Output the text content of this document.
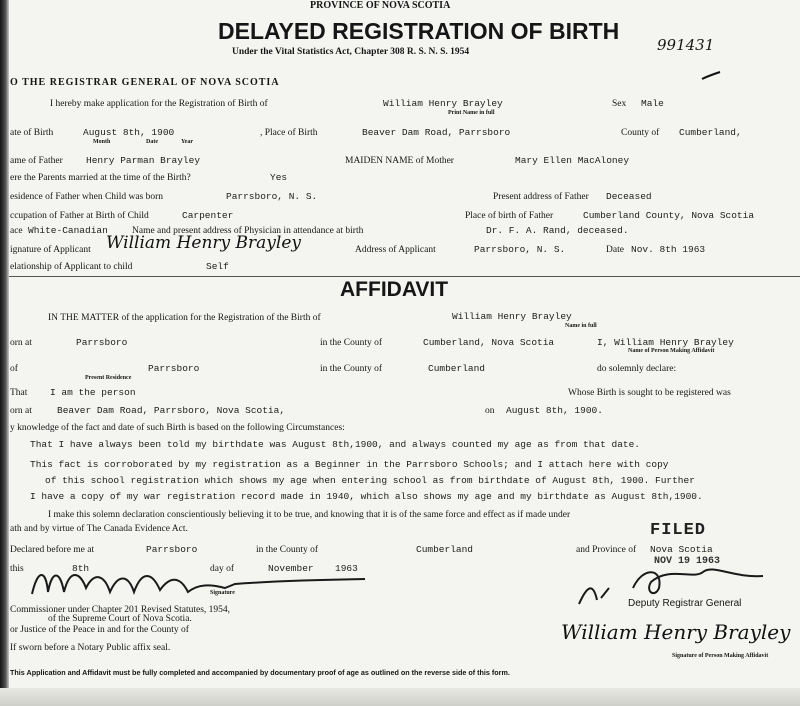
PROVINCE OF NOVA SCOTIA
DELAYED REGISTRATION OF BIRTH
Under the Vital Statistics Act, Chapter 308 R. S. N. S. 1954	991431
O THE REGISTRAR GENERAL OF NOVA SCOTIA
I hereby make application for the Registration of Birth of	William Henry Brayley
Print Name in full
Sex Male
ate of Birth	August 8th, 1900
Month	Date	Year
, Place of Birth	Beaver Dam Road, Parrsboro	County of Cumberland,
ame of Father Henry Parman Brayley	MAIDEN NAME of Mother	Mary Ellen MacAloney
ere the Parents married at the time of the Birth?	Yes
esidence of Father when Child was born	Parrsboro, N. S.	Present address of Father Deceased
ccupation of Father at Birth of Child	Carpenter	Place of birth of Father	Cumberland County, Nova Scotia
ace White-Canadian	Name and present address of Physician in attendance at birth	Dr. F. A. Rand, deceased.
ignature of Applicant William Henry Brayley	Address of Applicant	Parrsboro, N. S.	Date Nov. 8th 1963
elationship of Applicant to child	Self
AFFIDAVIT
IN THE MATTER of the application for the Registration of the Birth of	William Henry Brayley
Name in full
orn at	Parrsboro	in the County of	Cumberland, Nova Scotia	I, William Henry Brayley
Name of Person Making Affidavit
of	Parrsboro	in the County of	Cumberland	do solemnly declare:
Present Residence
That I am the person	Whose Birth is sought to be registered was
orn at	Beaver Dam Road, Parrsboro, Nova Scotia,	on August 8th, 1900.
y knowledge of the fact and date of such Birth is based on the following Circumstances:
That I have always been told my birthdate was August 8th,1900, and always counted my age as from that date.
This fact is corroborated by my registration as a Beginner in the Parrsboro Schools; and I attach here with copy
of this school registration which shows my age when entering school as from birthdate of August 8th, 1900. Further
I have a copy of my war registration record made in 1940, which also shows my age and my birthdate as August 8th,1900.
I make this solemn declaration conscientiously believing it to be true, and knowing that it is of the same force and effect as if made under
ath and by virtue of The Canada Evidence Act.	FILED
Declared before me at	Parrsboro	in the County of	Cumberland	and Province of Nova Scotia
this	8th	day of	November 1963
NOV 19 1963
Signature
Deputy Registrar General
Commissioner under Chapter 201 Revised Statutes, 1954,
of the Supreme Court of Nova Scotia.
or Justice of the Peace in and for the County of
If sworn before a Notary Public affix seal.
William Henry Brayley
Signature of Person Making Affidavit
This Application and Affidavit must be fully completed and accompanied by documentary proof of age as outlined on the reverse side of this form.
